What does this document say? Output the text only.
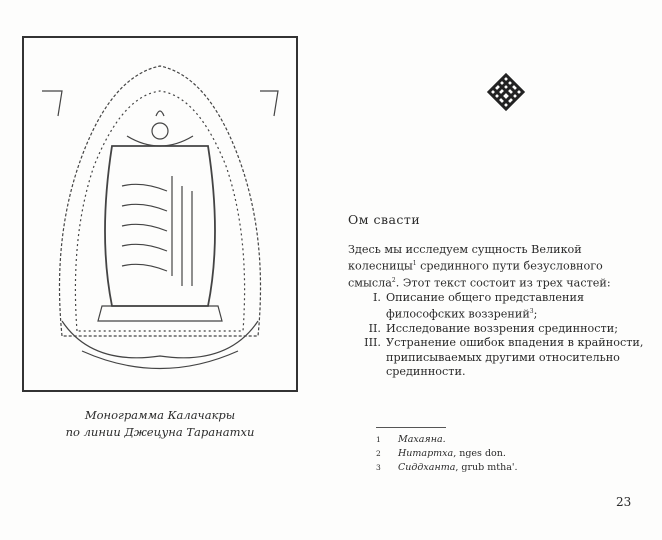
Монограмма Калачакры
по линии Джецуна Таранатхи
Ом свасти

Здесь мы исследуем сущность Великой колесницы$^1$ срединного пути безусловного смысла$^2$. Этот текст состоит из трех частей:

I. Описание общего представления философских воззрений$^3$;
II. Исследование воззрения срединности;
III. Устранение ошибок впадения в крайности, приписываемых другими относительно срединности.
1	Махаяна.
2	Нитартха , nges don.
3	Сиддханта , grub mtha'.
23
